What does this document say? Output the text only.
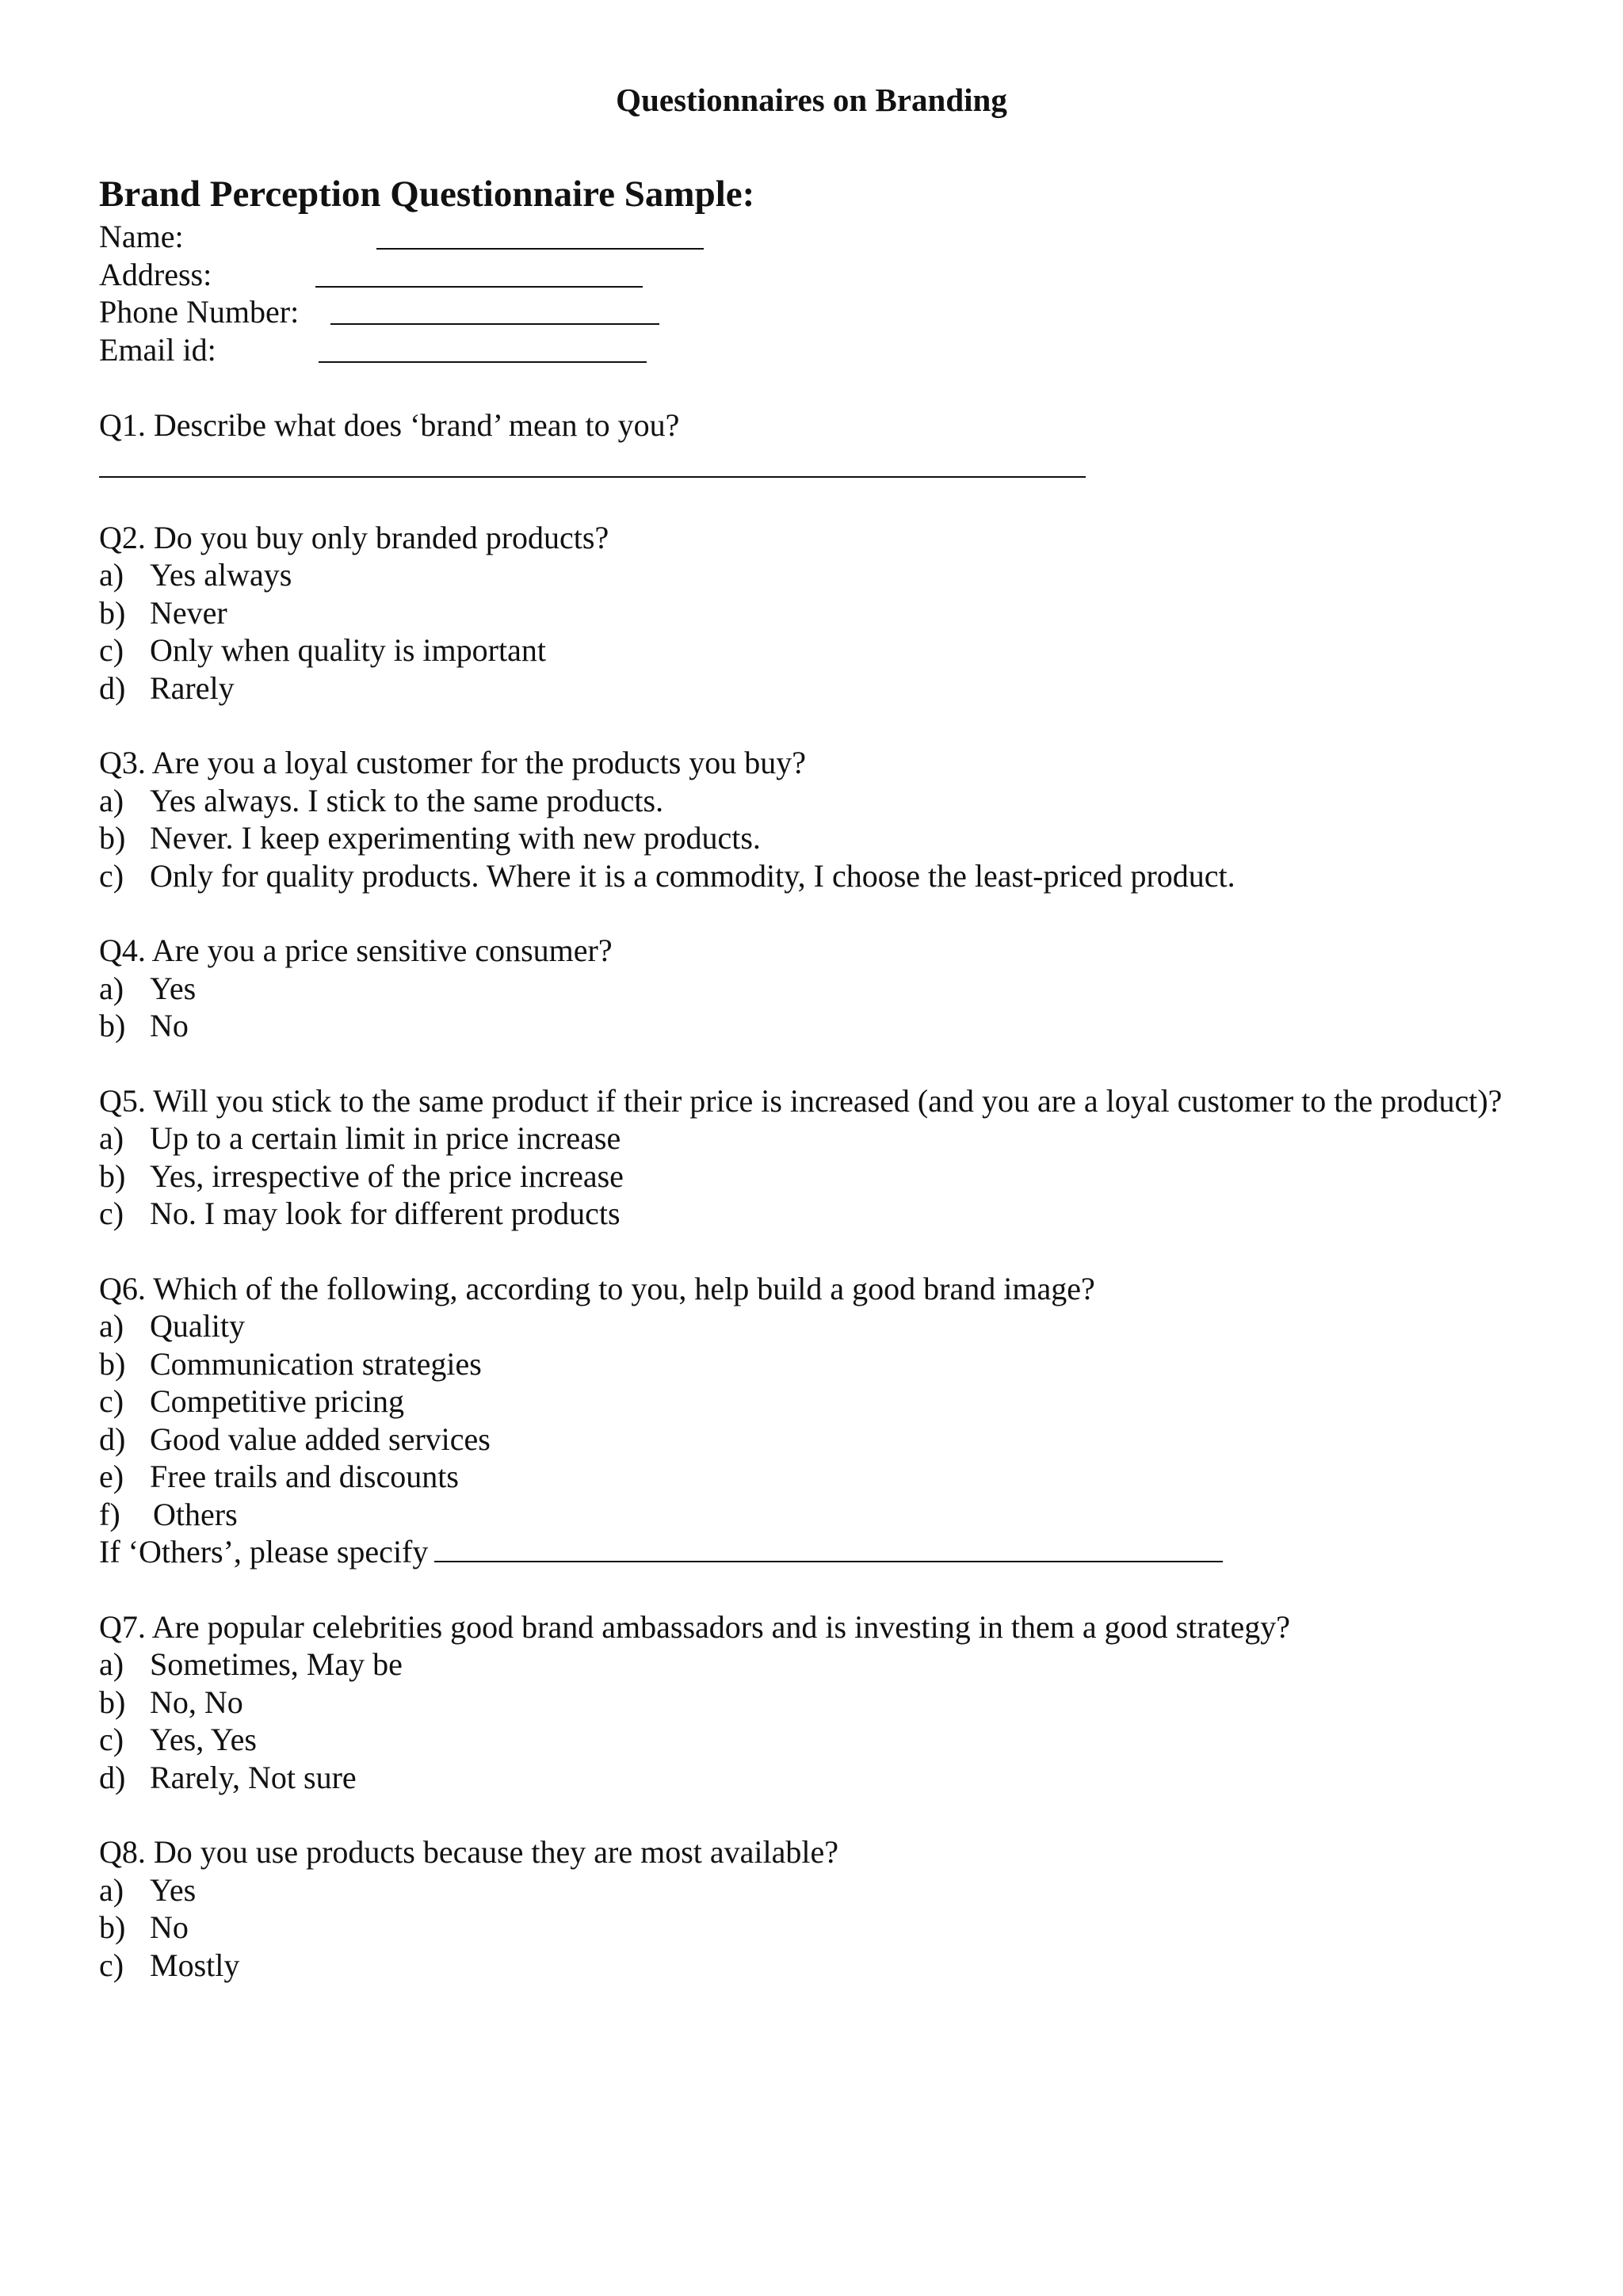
Questionnaires on Branding
Brand Perception Questionnaire Sample:
Name:
Address:
Phone Number:
Email id:

Q1. Describe what does ‘brand’ mean to you?

Q2. Do you buy only branded products?

a) Yes always
b) Never
c) Only when quality is important
d) Rarely

Q3. Are you a loyal customer for the products you buy?

a) Yes always. I stick to the same products.
b) Never. I keep experimenting with new products.
c) Only for quality products. Where it is a commodity, I choose the least-priced product.

Q4. Are you a price sensitive consumer?

a) Yes
b) No

Q5. Will you stick to the same product if their price is increased (and you are a loyal customer to the product)?

a) Up to a certain limit in price increase
b) Yes, irrespective of the price increase
c) No. I may look for different products

Q6. Which of the following, according to you, help build a good brand image?

a) Quality
b) Communication strategies
c) Competitive pricing
d) Good value added services
e) Free trails and discounts
f) Others
If ‘Others’, please specify

Q7. Are popular celebrities good brand ambassadors and is investing in them a good strategy?

a) Sometimes, May be
b) No, No
c) Yes, Yes
d) Rarely, Not sure

Q8. Do you use products because they are most available?

a) Yes
b) No
c) Mostly
